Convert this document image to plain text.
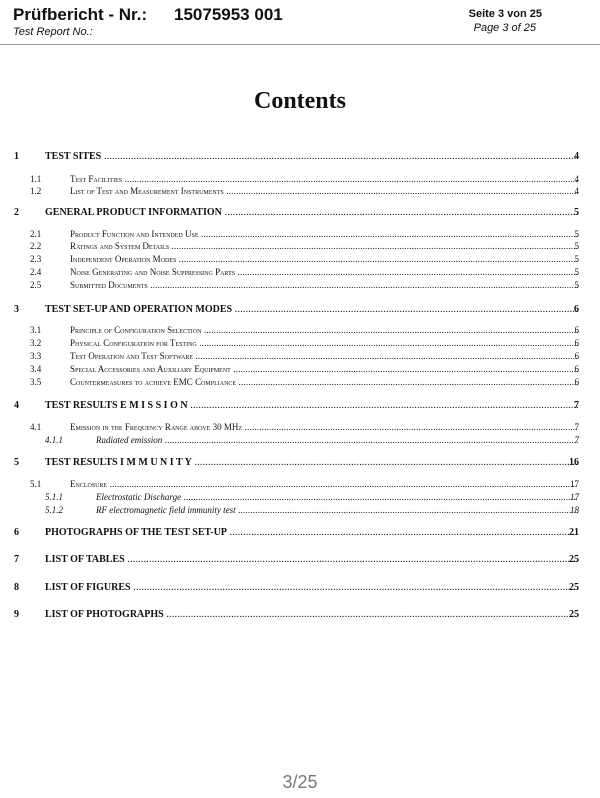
Prüfbericht - Nr.: 15075953 001
Test Report No.:
Seite 3 von 25
Page 3 of 25
Contents
1	TEST SITES .....	4
1.1	Test Facilities .....	4
1.2	List of Test and Measurement Instruments .....	4
2	GENERAL PRODUCT INFORMATION .....	5
2.1	Product Function and Intended Use .....	5
2.2	Ratings and System Details .....	5
2.3	Independent Operation Modes .....	5
2.4	Noise Generating and Noise Suppressing Parts .....	5
2.5	Submitted Documents .....	5
3	TEST SET-UP AND OPERATION MODES .....	6
3.1	Principle of Configuration Selection .....	6
3.2	Physical Configuration for Testing .....	6
3.3	Test Operation and Test Software .....	6
3.4	Special Accessories and Auxiliary Equipment .....	6
3.5	Countermeasures to achieve EMC Compliance .....	6
4	TEST RESULTS E M I S S I O N .....	7
4.1	Emission in the Frequency Range above 30 MHz .....	7
4.1.1	Radiated emission .....	7
5	TEST RESULTS I M M U N I T Y .....	16
5.1	Enclosure .....	17
5.1.1	Electrostatic Discharge .....	17
5.1.2	RF electromagnetic field immunity test .....	18
6	PHOTOGRAPHS OF THE TEST SET-UP .....	21
7	LIST OF TABLES .....	25
8	LIST OF FIGURES .....	25
9	LIST OF PHOTOGRAPHS .....	25
3/25
